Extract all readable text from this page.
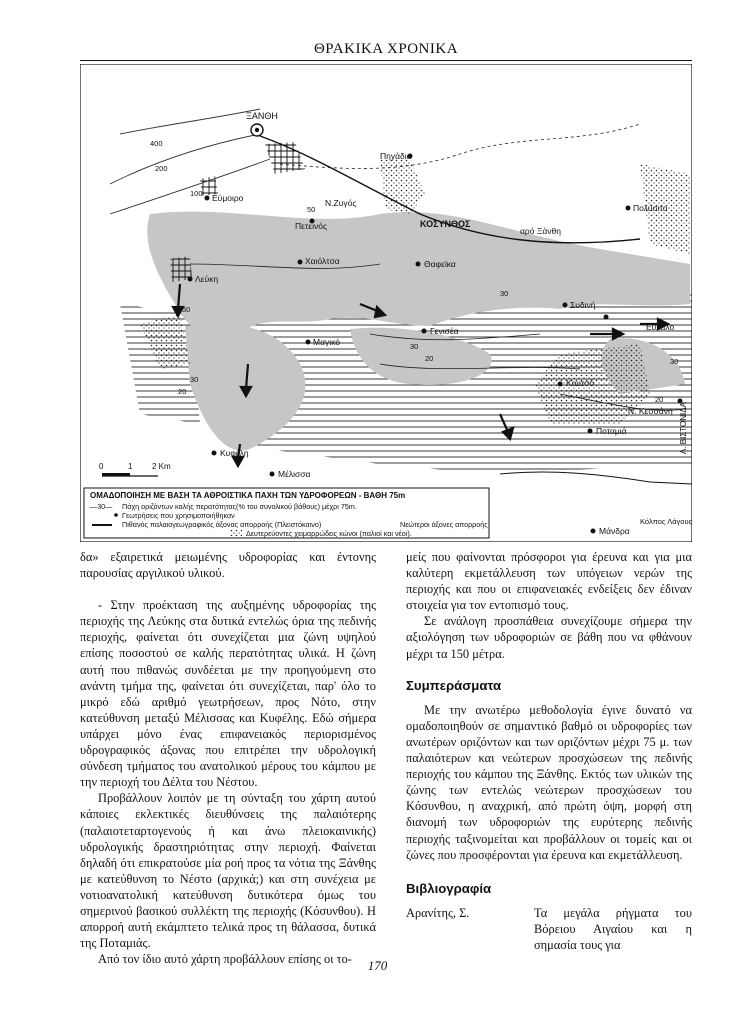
ΘΡΑΚΙΚΑ ΧΡΟΝΙΚΑ
ΞΑΝΘΗ
Εύμοιρο
Πηγάδια
Πετεινός
Ν.Ζυγός	Πολύσιτο
ΚΟΣΥΝΘΟΣ
αρό Ξάνθη
Λεύκη
Χαιόλτσα	Θαφεϊκα
Συδινή
Εύλαλο
Γενισέα
Μαγικό
Κουτσό
Ν. Κεσσάνη
Ποταμιά
Κυφέλη
Μέλισσα
Μάνδρα
Κόλπος Λάγους
Λ. ΒΙΣΤΟΝΙΔΑ
400
200
100
50
50
30
30
30
20
20
20
30
0	1 2 Km
ΟΜΑΔΟΠΟΙΗΣΗ ΜΕ ΒΑΣΗ ΤΑ ΑΘΡΟΙΣΤΙΚΑ ΠΑΧΗ ΤΩΝ ΥΔΡΟΦΟΡΕΩΝ - ΒΑΘΗ 75m
—30— Πάχη οριζόντων καλής περατότητας(% του συνολικού βάθους) μέχρι 75m.
Γεωτρήσεις που χρησιμοποιήθηκαν
Πιθανός παλαιογεωγραφικός άξονας απορροής (Πλειστόκαινο)	Νεώτεροι άξονες απορροής
Δευτερεύοντες χειμαρρώδεις κώνοι (παλιοί και νέοι).

δα» εξαιρετικά μειωμένης υδροφορίας και έντονης παρουσίας αργιλικού υλικού.

- Στην προέκταση της αυξημένης υδροφορίας της περιοχής της Λεύκης στα δυτικά εντελώς όρια της πεδινής περιοχής, φαίνεται ότι συνεχίζεται μια ζώνη υψηλού επίσης ποσοστού σε καλής περατότητας υλικά. Η ζώνη αυτή που πιθανώς συνδέεται με την προηγούμενη στο ανάντη τμήμα της, φαίνεται ότι συνεχίζεται, παρ' όλο το μικρό εδώ αριθμό γεωτρήσεων, προς Νότο, στην κατεύθυνση μεταξύ Μέλισσας και Κυφέλης. Εδώ σήμερα υπάρχει μόνο ένας επιφανειακός περιορισμένος υδρογραφικός άξονας που επιτρέπει την υδρολογική σύνδεση τμήματος του ανατολικού μέρους του κάμπου με την περιοχή του Δέλτα του Νέστου.

Προβάλλουν λοιπόν με τη σύνταξη του χάρτη αυτού κάποιες εκλεκτικές διευθύνσεις της παλαιότερης (παλαιοτεταρτογενούς ή και άνω πλειοκαινικής) υδρολογικής δραστηριότητας στην περιοχή. Φαίνεται δηλαδή ότι επικρατούσε μία ροή προς τα νότια της Ξάνθης με κατεύθυνση το Νέστο (αρχικά;) και στη συνέχεια με νοτιοανατολική κατεύθυνση δυτικότερα όμως του σημερινού βασικού συλλέκτη της περιοχής (Κόσυνθου). Η απορροή αυτή εκάμπτετο τελικά προς τη θάλασσα, δυτικά της Ποταμιάς.

Από τον ίδιο αυτό χάρτη προβάλλουν επίσης οι το-

μείς που φαίνονται πρόσφοροι για έρευνα και για μια καλύτερη εκμετάλλευση των υπόγειων νερών της περιοχής και που οι επιφανειακές ενδείξεις δεν έδιναν στοιχεία για τον εντοπισμό τους.

Σε ανάλογη προσπάθεια συνεχίζουμε σήμερα την αξιολόγηση των υδροφοριών σε βάθη που να φθάνουν μέχρι τα 150 μέτρα.

Συμπεράσματα

Με την ανωτέρω μεθοδολογία έγινε δυνατό να ομαδοποιηθούν σε σημαντικό βαθμό οι υδροφορίες των ανωτέρων οριζόντων και των οριζόντων μέχρι 75 μ. των παλαιότερων και νεώτερων προσχώσεων της πεδινής περιοχής του κάμπου της Ξάνθης. Εκτός των υλικών της ζώνης των εντελώς νεώτερων προσχώσεων του Κόσυνθου, η αναχρική, από πρώτη όψη, μορφή στη διανομή των υδροφοριών της ευρύτερης πεδινής περιοχής ταξινομείται και προβάλλουν οι τομείς και οι ζώνες που προσφέρονται για έρευνα και εκμετάλλευση.

Βιβλιογραφία
Αρανίτης, Σ.	Τα μεγάλα ρήγματα του Βόρειου Αιγαίου και η σημασία τους για
170
